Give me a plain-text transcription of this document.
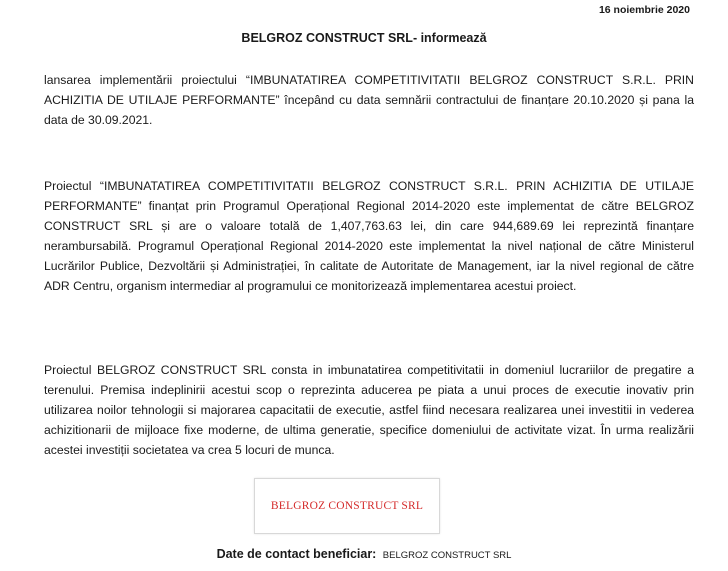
16 noiembrie 2020
BELGROZ CONSTRUCT SRL- informează

lansarea implementării proiectului “IMBUNATATIREA COMPETITIVITATII BELGROZ CONSTRUCT S.R.L. PRIN ACHIZITIA DE UTILAJE PERFORMANTE” începând cu data semnării contractului de finanțare 20.10.2020 și pana la data de 30.09.2021.

Proiectul “IMBUNATATIREA COMPETITIVITATII BELGROZ CONSTRUCT S.R.L. PRIN ACHIZITIA DE UTILAJE PERFORMANTE” finanțat prin Programul Operațional Regional 2014-2020 este implementat de către BELGROZ CONSTRUCT SRL și are o valoare totală de 1,407,763.63 lei, din care 944,689.69 lei reprezintă finanțare nerambursabilă. Programul Operațional Regional 2014-2020 este implementat la nivel național de către Ministerul Lucrărilor Publice, Dezvoltării și Administrației, în calitate de Autoritate de Management, iar la nivel regional de către ADR Centru, organism intermediar al programului ce monitorizează implementarea acestui proiect.

Proiectul BELGROZ CONSTRUCT SRL consta in imbunatatirea competitivitatii in domeniul lucrariilor de pregatire a terenului. Premisa indeplinirii acestui scop o reprezinta aducerea pe piata a unui proces de executie inovativ prin utilizarea noilor tehnologii si majorarea capacitatii de executie, astfel fiind necesara realizarea unei investitii in vederea achizitionarii de mijloace fixe moderne, de ultima generatie, specifice domeniului de activitate vizat. În urma realizării acestei investiții societatea va crea 5 locuri de munca.

BELGROZ CONSTRUCT SRL
Date de contact beneficiar: BELGROZ CONSTRUCT SRL
